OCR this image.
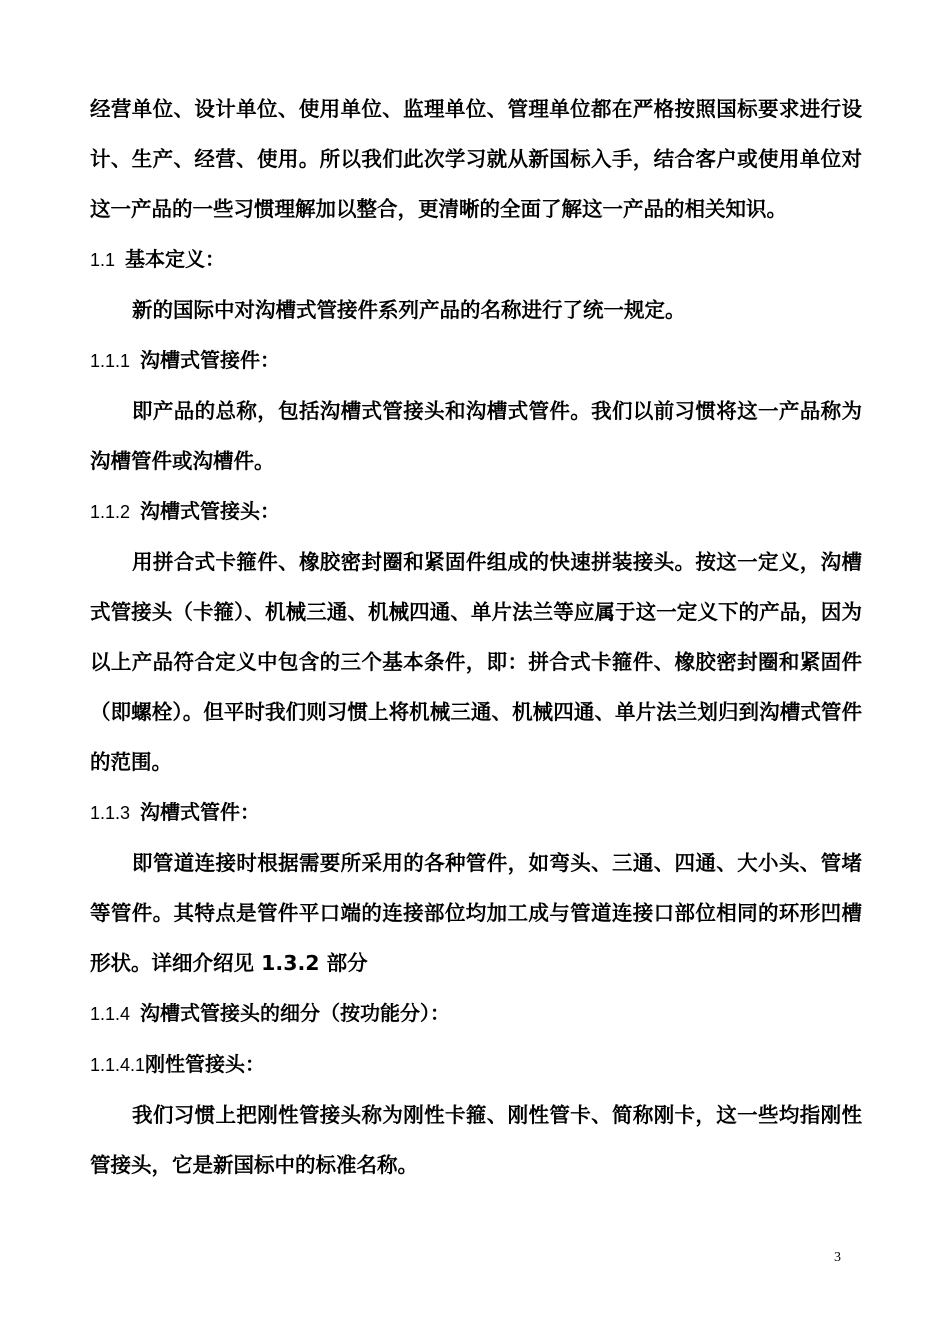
经营单位、设计单位、使用单位、监理单位、管理单位都在严格按照国标要求进行设计、生产、经营、使用。所以我们此次学习就从新国标入手，结合客户或使用单位对这一产品的一些习惯理解加以整合，更清晰的全面了解这一产品的相关知识。

1.1 基本定义：

新的国际中对沟槽式管接件系列产品的名称进行了统一规定。

1.1.1 沟槽式管接件：

即产品的总称，包括沟槽式管接头和沟槽式管件。我们以前习惯将这一产品称为沟槽管件或沟槽件。

1.1.2 沟槽式管接头：

用拼合式卡箍件、橡胶密封圈和紧固件组成的快速拼装接头。按这一定义，沟槽式管接头（卡箍）、机械三通、机械四通、单片法兰等应属于这一定义下的产品，因为以上产品符合定义中包含的三个基本条件，即：拼合式卡箍件、橡胶密封圈和紧固件（即螺栓）。但平时我们则习惯上将机械三通、机械四通、单片法兰划归到沟槽式管件的范围。

1.1.3 沟槽式管件：

即管道连接时根据需要所采用的各种管件，如弯头、三通、四通、大小头、管堵等管件。其特点是管件平口端的连接部位均加工成与管道连接口部位相同的环形凹槽形状。详细介绍见 1.3.2 部分

1.1.4 沟槽式管接头的细分（按功能分）：
1.1.4.1刚性管接头：

我们习惯上把刚性管接头称为刚性卡箍、刚性管卡、简称刚卡，这一些均指刚性管接头，它是新国标中的标准名称。

3
